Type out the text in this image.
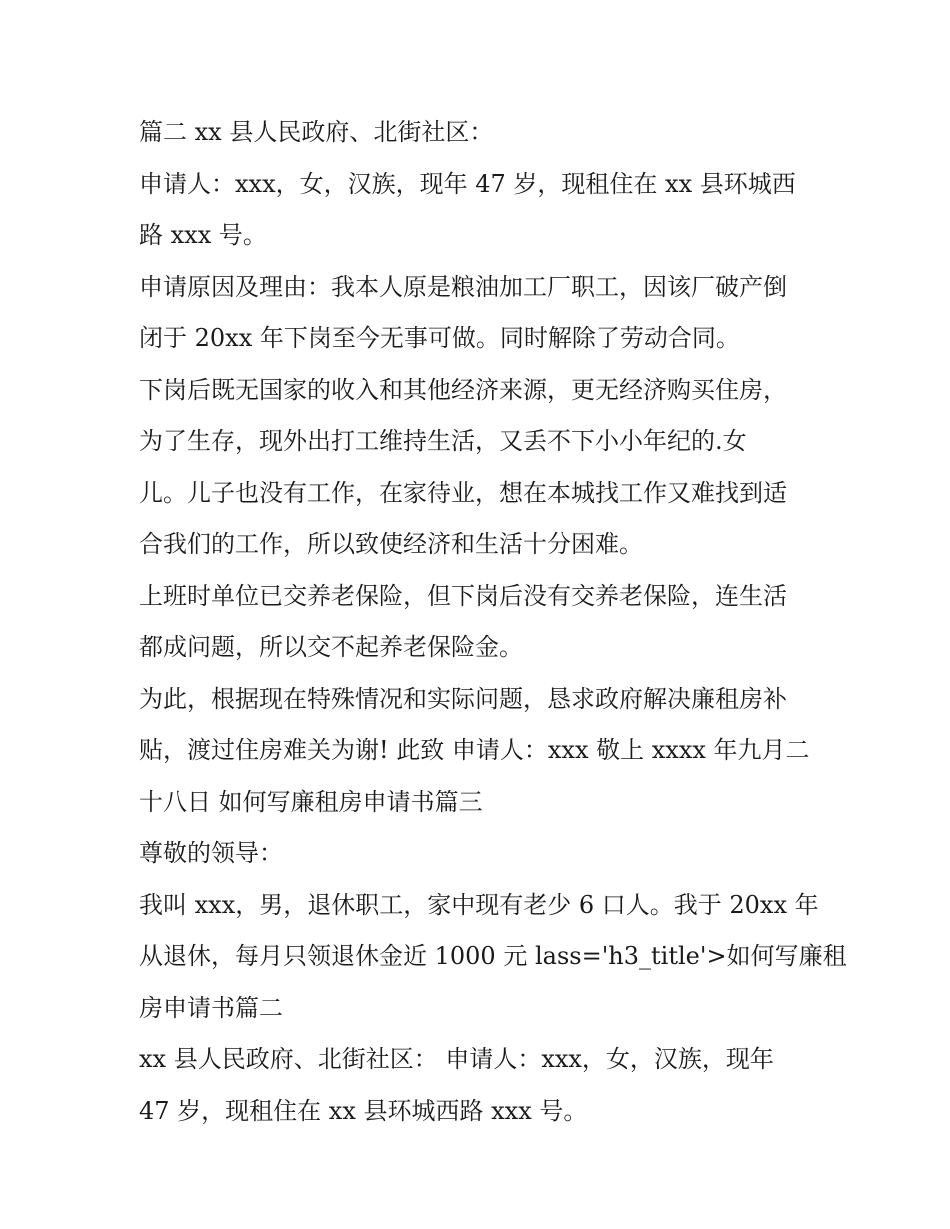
篇二 xx 县人民政府、北街社区：
申请人：xxx，女，汉族，现年 47 岁，现租住在 xx 县环城西
路 xxx 号。
申请原因及理由：我本人原是粮油加工厂职工，因该厂破产倒
闭于 20xx 年下岗至今无事可做。同时解除了劳动合同。
下岗后既无国家的收入和其他经济来源，更无经济购买住房，
为了生存，现外出打工维持生活，又丢不下小小年纪的.女
儿。儿子也没有工作，在家待业，想在本城找工作又难找到适
合我们的工作，所以致使经济和生活十分困难。
上班时单位已交养老保险，但下岗后没有交养老保险，连生活
都成问题，所以交不起养老保险金。
为此，根据现在特殊情况和实际问题，恳求政府解决廉租房补
贴，渡过住房难关为谢! 此致 申请人：xxx 敬上 xxxx 年九月二
十八日 如何写廉租房申请书篇三
尊敬的领导：
我叫 xxx，男，退休职工，家中现有老少 6 口人。我于 20xx 年
从退休，每月只领退休金近 1000 元 lass='h3_title'>如何写廉租
房申请书篇二
xx 县人民政府、北街社区： 申请人：xxx，女，汉族，现年
47 岁，现租住在 xx 县环城西路 xxx 号。
